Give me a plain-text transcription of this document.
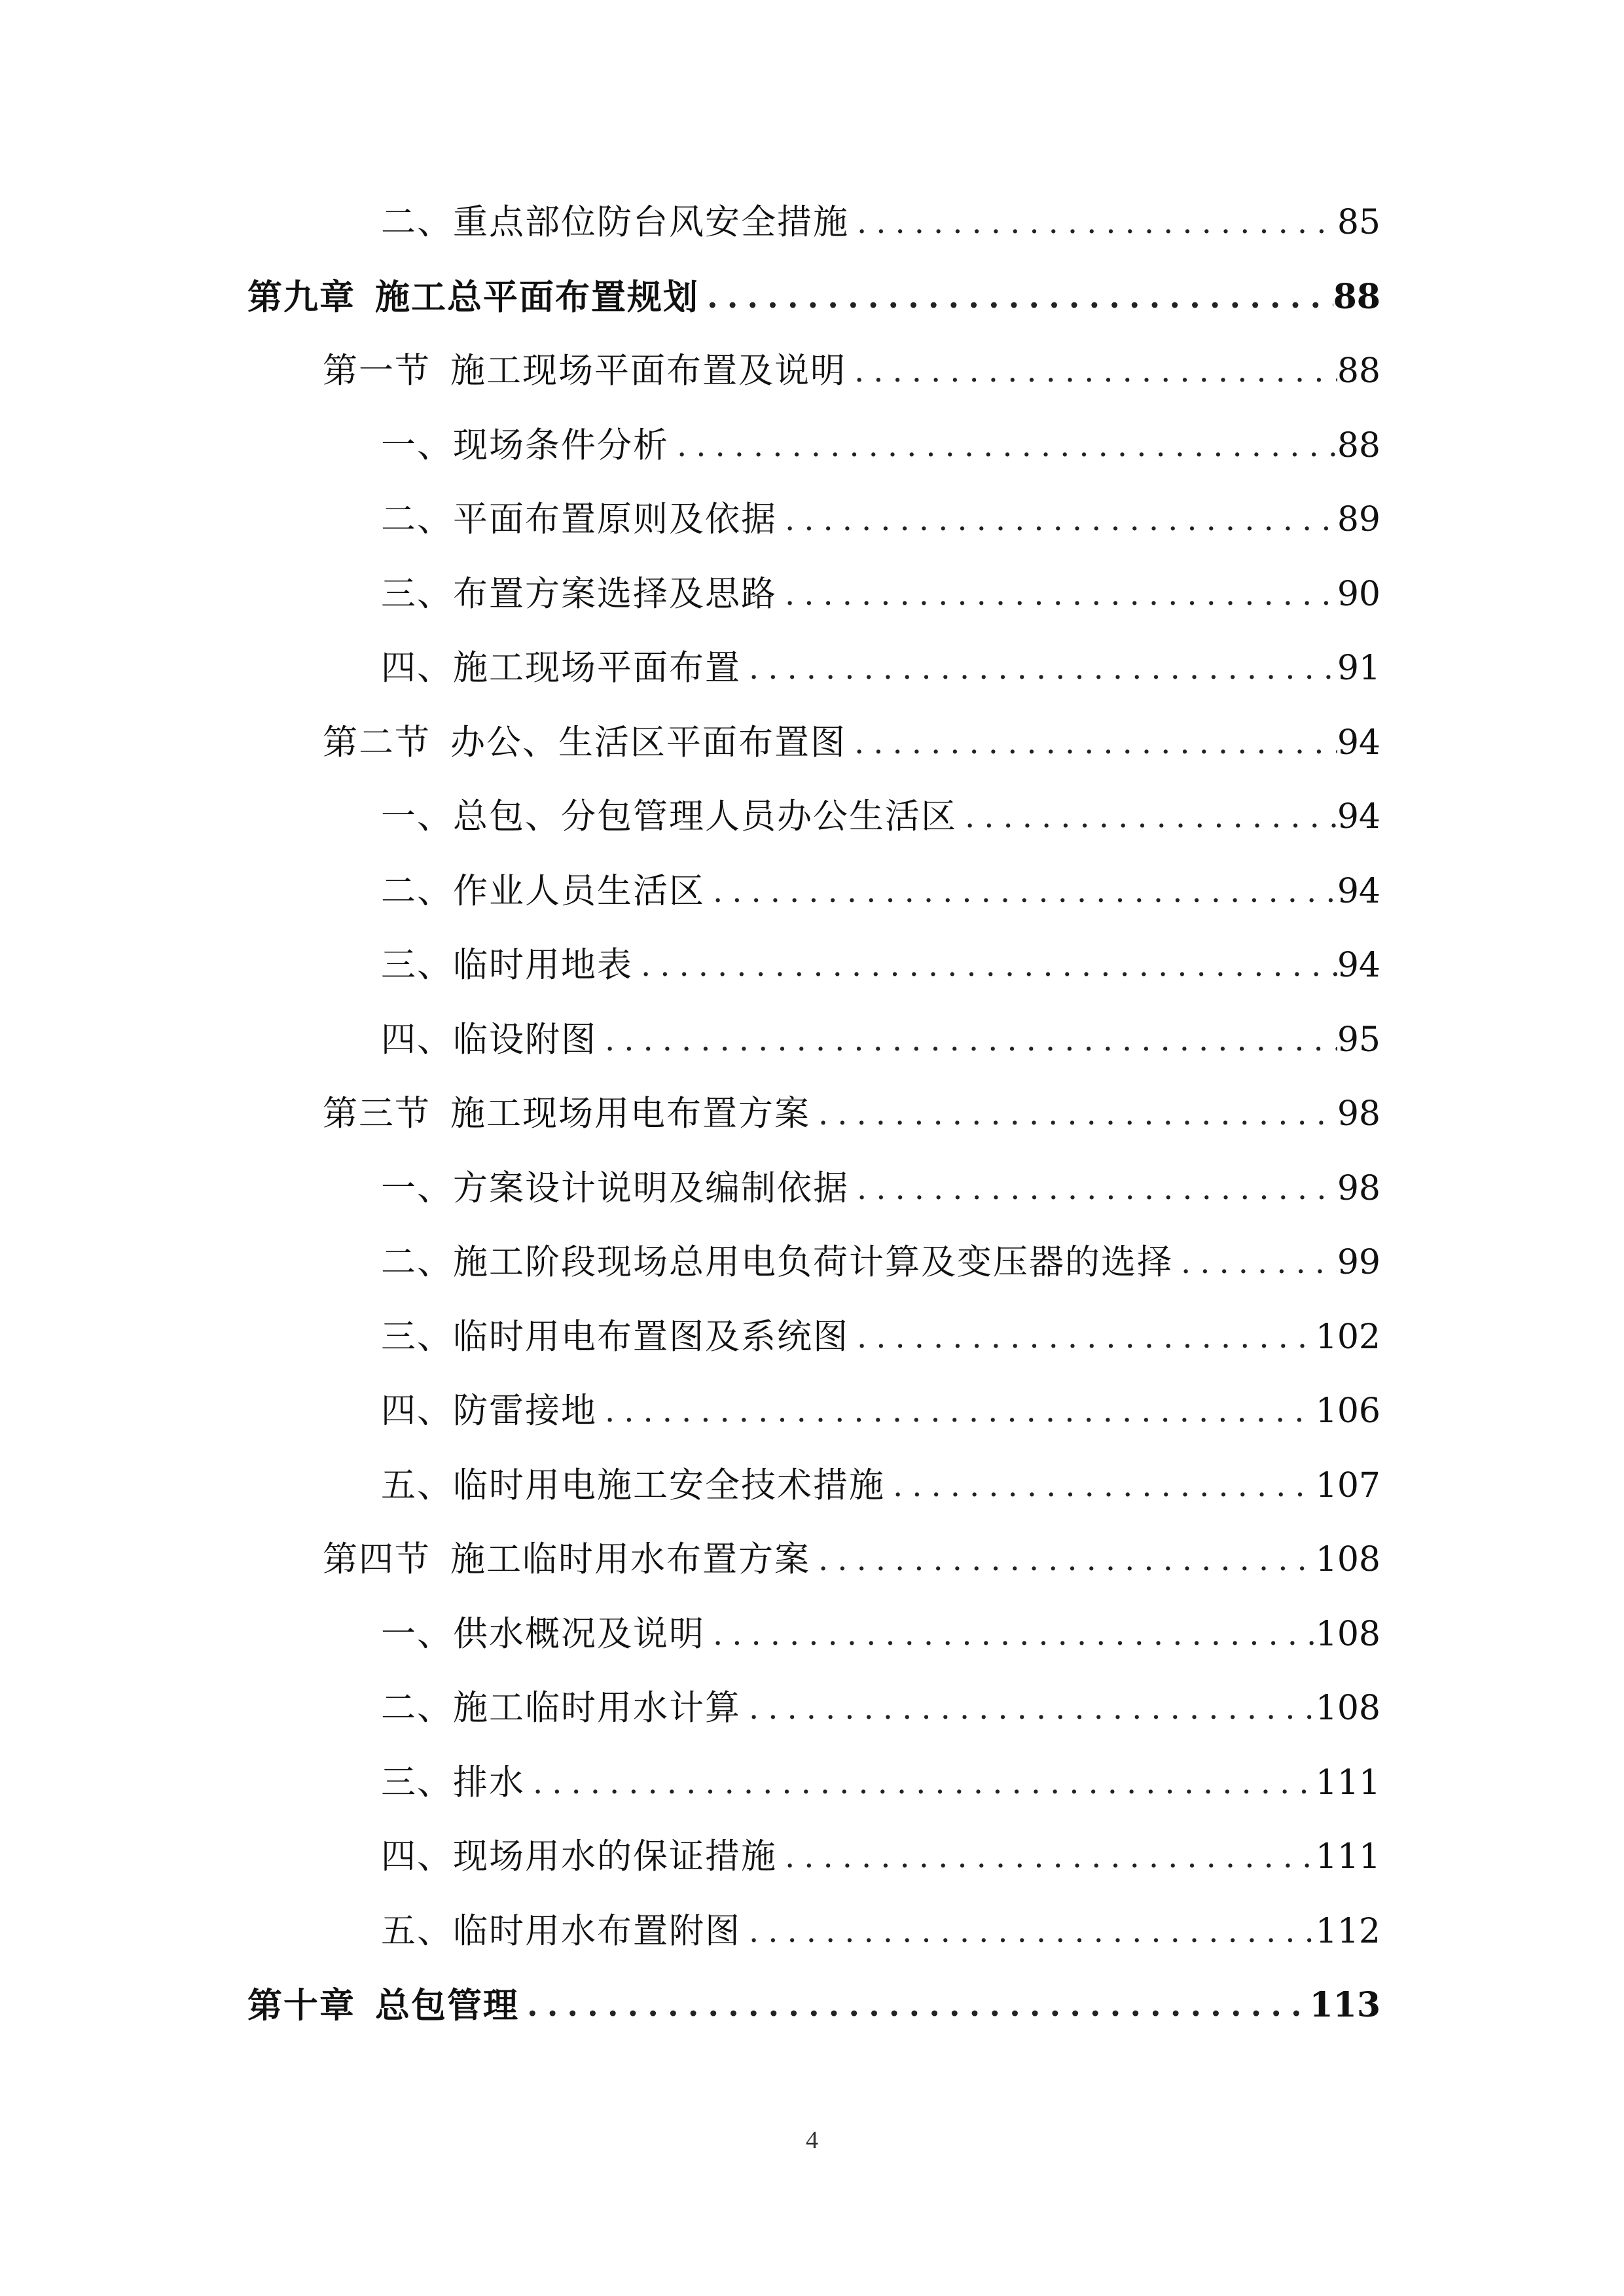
二、重点部位防台风安全措施 .....	85
第九章 施工总平面布置规划 .....	88
第一节 施工现场平面布置及说明 .....	88
一、现场条件分析 .....	88
二、平面布置原则及依据 .....	89
三、布置方案选择及思路 .....	90
四、施工现场平面布置 .....	91
第二节 办公、生活区平面布置图 .....	94
一、总包、分包管理人员办公生活区 .....	94
二、作业人员生活区 .....	94
三、临时用地表 .....	94
四、临设附图 .....	95
第三节 施工现场用电布置方案 .....	98
一、方案设计说明及编制依据 .....	98
二、施工阶段现场总用电负荷计算及变压器的选择 .....	99
三、临时用电布置图及系统图 .....	102
四、防雷接地 .....	106
五、临时用电施工安全技术措施 .....	107
第四节 施工临时用水布置方案 .....	108
一、供水概况及说明 .....	108
二、施工临时用水计算 .....	108
三、排水 .....	111
四、现场用水的保证措施 .....	111
五、临时用水布置附图 .....	112
第十章 总包管理 .....	113
4
